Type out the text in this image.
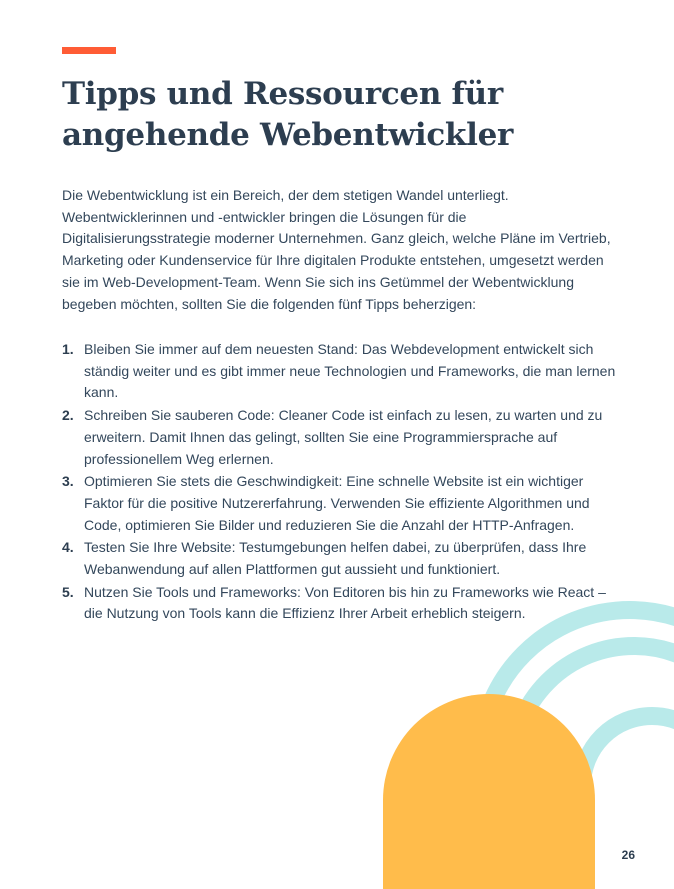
Tipps und Ressourcen für angehende Webentwickler

Die Webentwicklung ist ein Bereich, der dem stetigen Wandel unterliegt. Webentwicklerinnen und -entwickler bringen die Lösungen für die Digitalisierungsstrategie moderner Unternehmen. Ganz gleich, welche Pläne im Vertrieb, Marketing oder Kundenservice für Ihre digitalen Produkte entstehen, umgesetzt werden sie im Web-Development-Team. Wenn Sie sich ins Getümmel der Webentwicklung begeben möchten, sollten Sie die folgenden fünf Tipps beherzigen:

1. Bleiben Sie immer auf dem neuesten Stand: Das Webdevelopment entwickelt sich ständig weiter und es gibt immer neue Technologien und Frameworks, die man lernen kann.
2. Schreiben Sie sauberen Code: Cleaner Code ist einfach zu lesen, zu warten und zu erweitern. Damit Ihnen das gelingt, sollten Sie eine Programmiersprache auf professionellem Weg erlernen.
3. Optimieren Sie stets die Geschwindigkeit: Eine schnelle Website ist ein wichtiger Faktor für die positive Nutzererfahrung. Verwenden Sie effiziente Algorithmen und Code, optimieren Sie Bilder und reduzieren Sie die Anzahl der HTTP-Anfragen.
4. Testen Sie Ihre Website: Testumgebungen helfen dabei, zu überprüfen, dass Ihre Webanwendung auf allen Plattformen gut aussieht und funktioniert.
5. Nutzen Sie Tools und Frameworks: Von Editoren bis hin zu Frameworks wie React – die Nutzung von Tools kann die Effizienz Ihrer Arbeit erheblich steigern.
26
